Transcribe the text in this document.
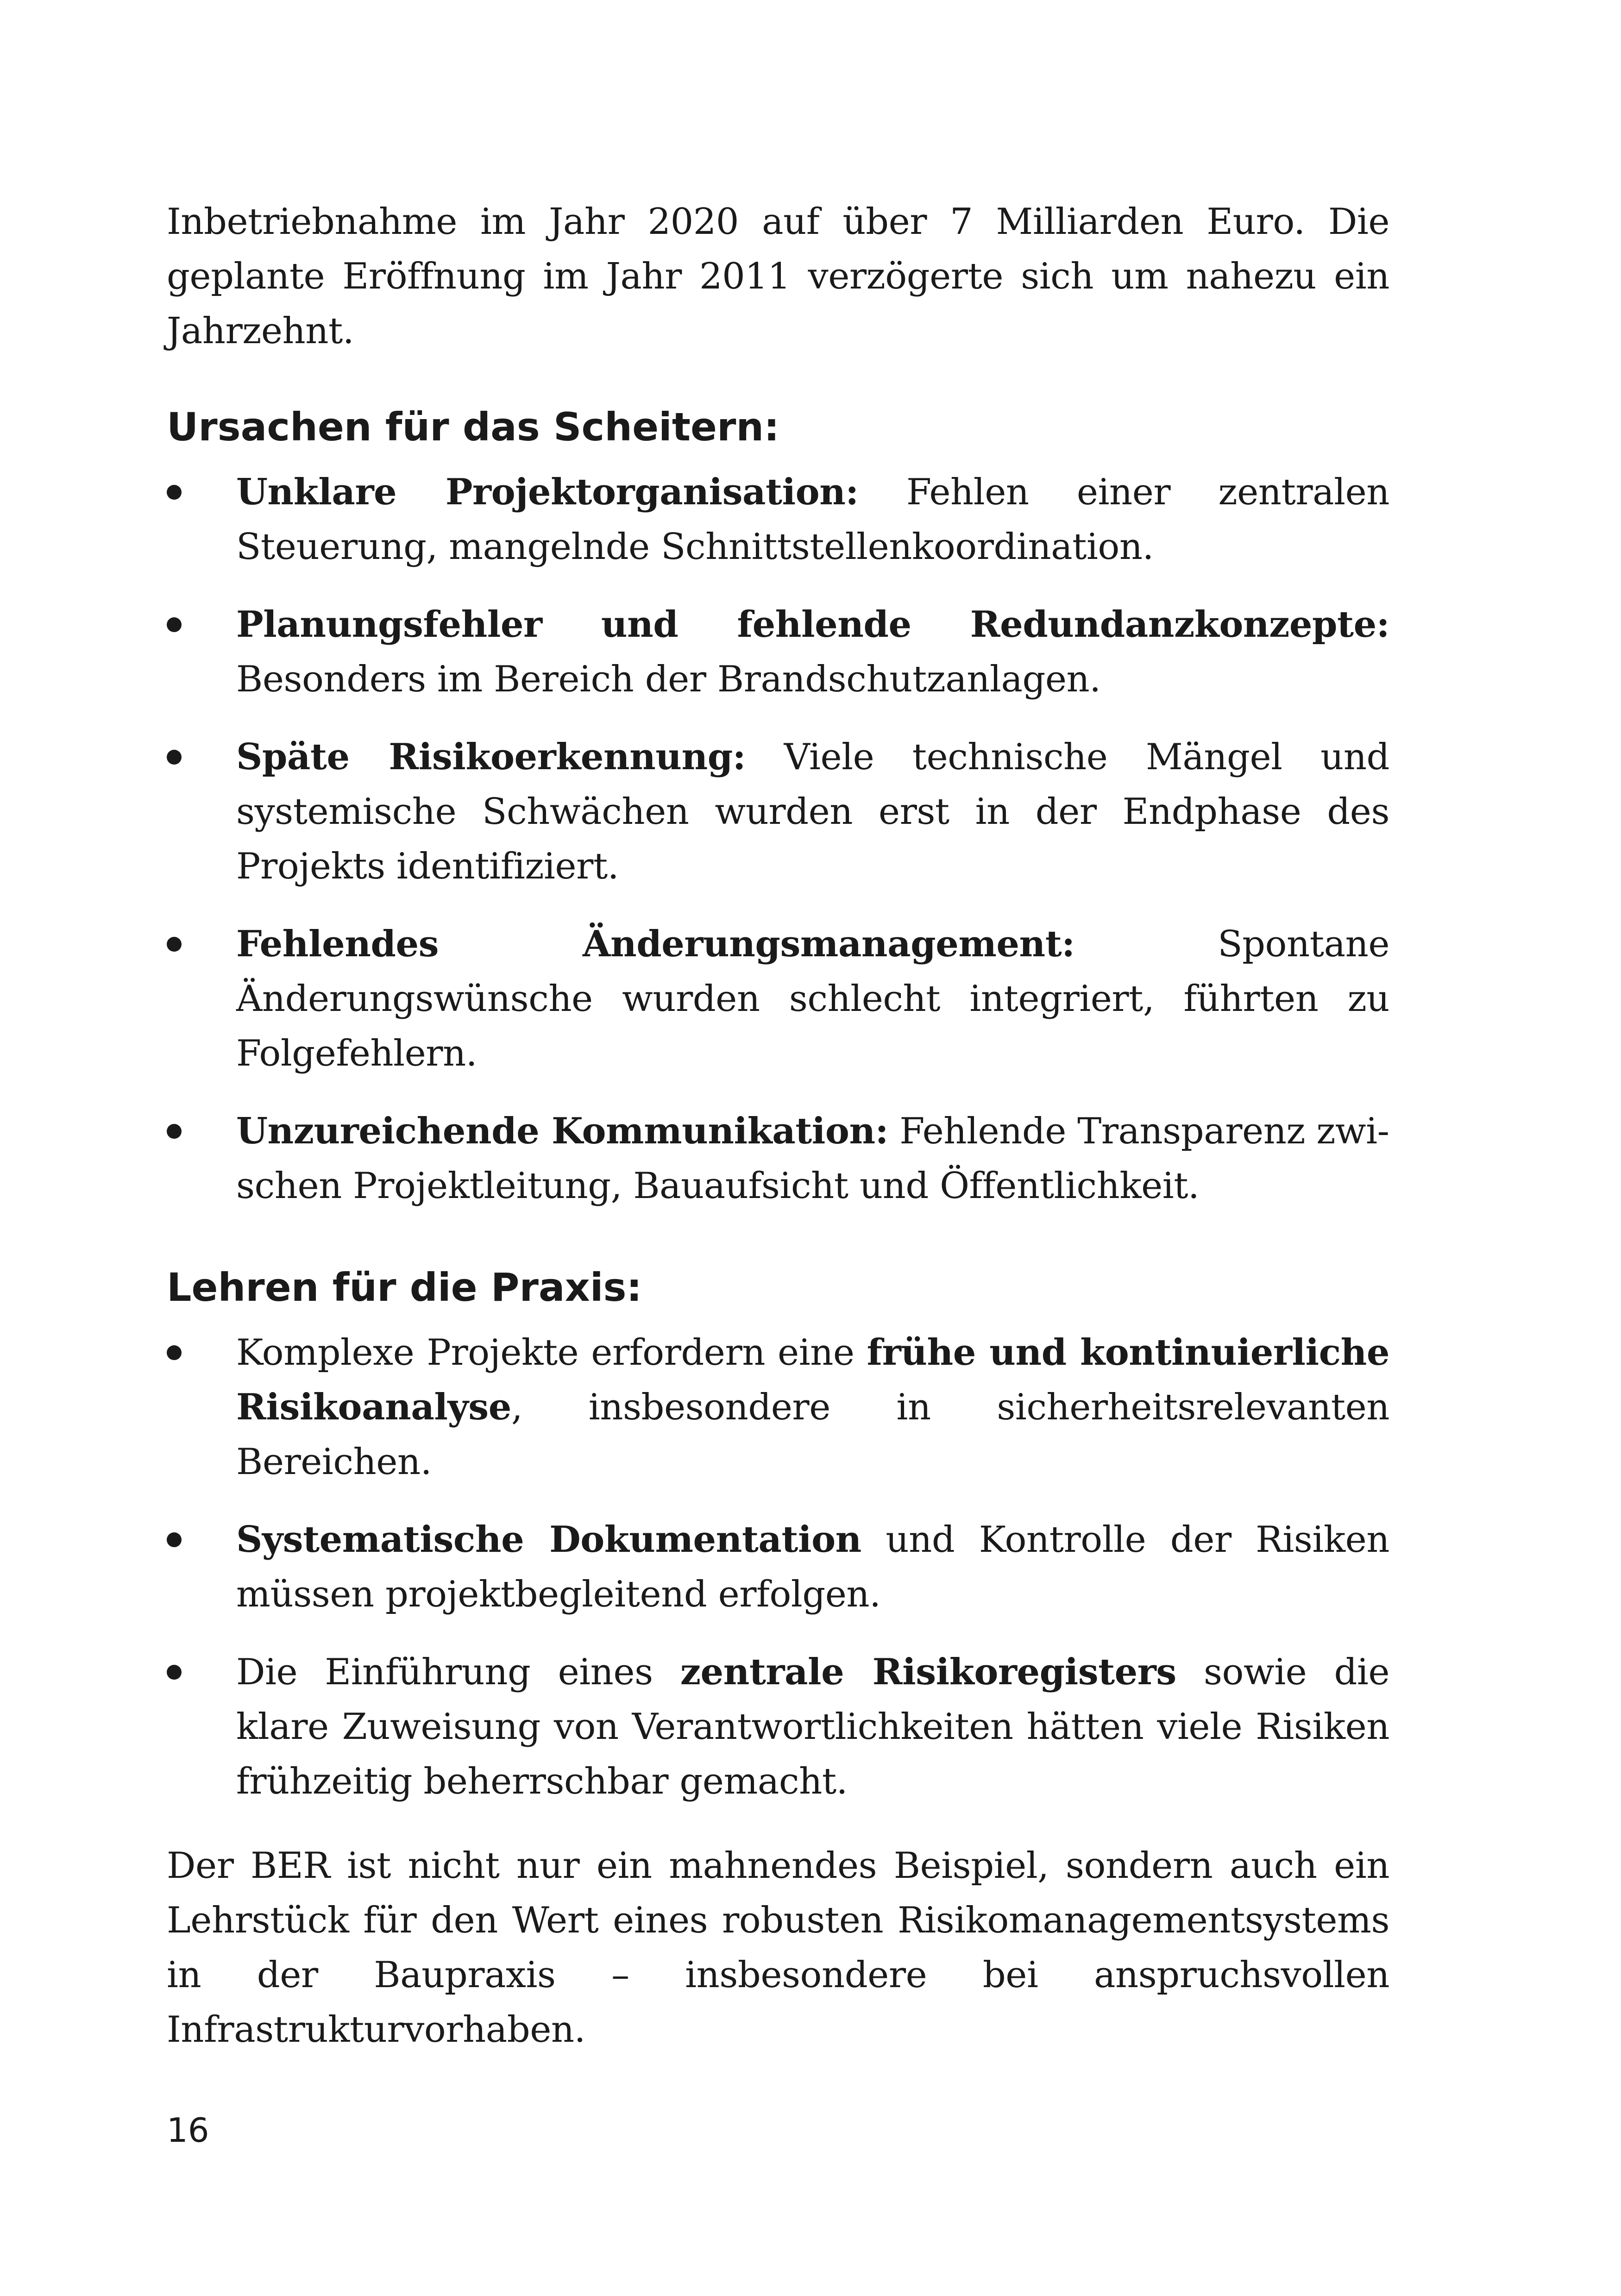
Inbetriebnahme im Jahr 2020 auf über 7 Milliarden Euro. Die geplante Eröffnung im Jahr 2011 verzögerte sich um nahezu ein Jahrzehnt.

Ursachen für das Scheitern:
Unklare Projektorganisation: Fehlen einer zentralen Steuerung, mangelnde Schnittstellenkoordination.
Planungsfehler und fehlende Redundanzkonzepte: Besonders im Bereich der Brandschutzanlagen.
Späte Risikoerkennung: Viele technische Mängel und systemische Schwächen wurden erst in der Endphase des Projekts identifiziert.
Fehlendes Änderungsmanagement: Spontane Änderungswünsche wurden schlecht integriert, führten zu Folgefehlern.
Unzureichende Kommunikation: Fehlende Transparenz zwischen Projektleitung, Bauaufsicht und Öffentlichkeit.
Lehren für die Praxis:
Komplexe Projekte erfordern eine frühe und kontinuierliche Risikoanalyse, insbesondere in sicherheitsrelevanten Bereichen.
Systematische Dokumentation und Kontrolle der Risiken müssen projektbegleitend erfolgen.
Die Einführung eines zentrale Risikoregisters sowie die klare Zuweisung von Verantwortlichkeiten hätten viele Risiken frühzeitig beherrschbar gemacht.

Der BER ist nicht nur ein mahnendes Beispiel, sondern auch ein Lehrstück für den Wert eines robusten Risikomanagementsystems in der Baupraxis – insbesondere bei anspruchsvollen Infrastrukturvorhaben.

16
